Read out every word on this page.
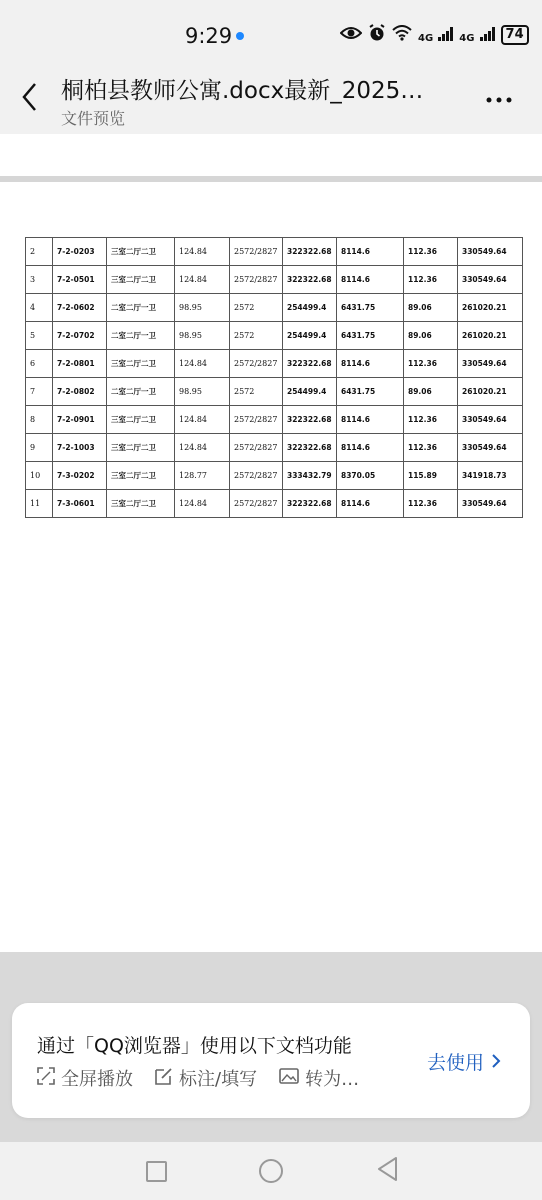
9:29	4G	4G	74
桐柏县教师公寓.docx最新_2025…
文件预览
2	7-2-0203	三室二厅二卫	124.84	2572/2827	322322.68	8114.6	112.36	330549.64
3	7-2-0501	三室二厅二卫	124.84	2572/2827	322322.68	8114.6	112.36	330549.64
4	7-2-0602	二室二厅一卫	98.95	2572	254499.4	6431.75	89.06	261020.21
5	7-2-0702	二室二厅一卫	98.95	2572	254499.4	6431.75	89.06	261020.21
6	7-2-0801	三室二厅二卫	124.84	2572/2827	322322.68	8114.6	112.36	330549.64
7	7-2-0802	二室二厅一卫	98.95	2572	254499.4	6431.75	89.06	261020.21
8	7-2-0901	三室二厅二卫	124.84	2572/2827	322322.68	8114.6	112.36	330549.64
9	7-2-1003	三室二厅二卫	124.84	2572/2827	322322.68	8114.6	112.36	330549.64
10	7-3-0202	三室二厅二卫	128.77	2572/2827	333432.79	8370.05	115.89	341918.73
11	7-3-0601	三室二厅二卫	124.84	2572/2827	322322.68	8114.6	112.36	330549.64
通过「QQ浏览器」使用以下文档功能
全屏播放	标注/填写	转为…
去使用
